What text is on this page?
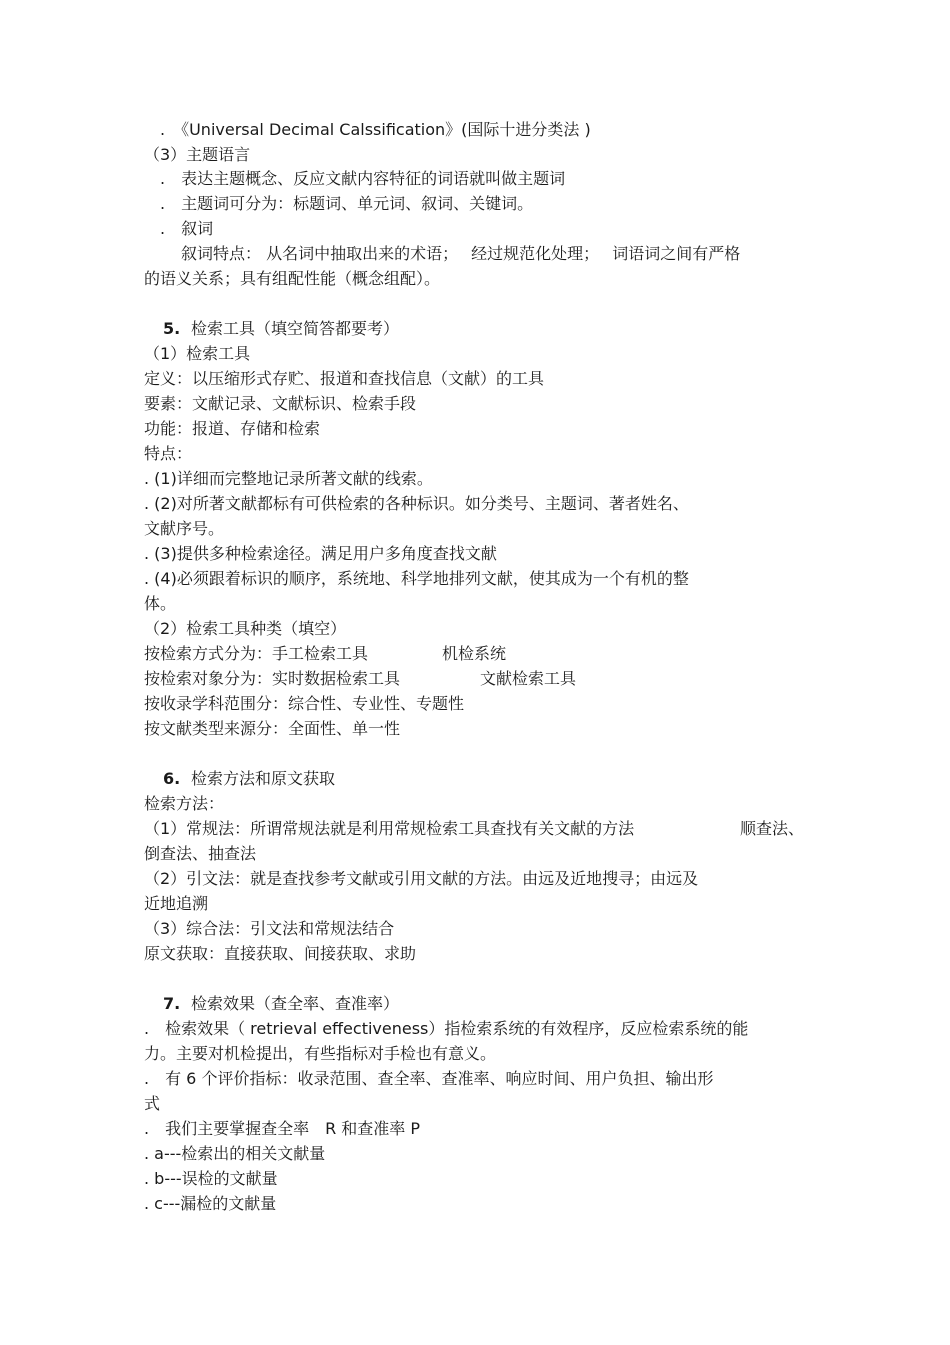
.　《Universal Decimal Calssification》(国际十进分类法 )
（3）主题语言
.　表达主题概念、反应文献内容特征的词语就叫做主题词
.　主题词可分为：标题词、单元词、叙词、关键词。
.　叙词
叙词特点： 从名词中抽取出来的术语；　 经过规范化处理；　 词语词之间有严格
的语义关系；具有组配性能（概念组配）。
5. 检索工具（填空简答都要考）
（1）检索工具
定义：以压缩形式存贮、报道和查找信息（文献）的工具
要素：文献记录、文献标识、检索手段
功能：报道、存储和检索
特点：
. (1)详细而完整地记录所著文献的线索。
. (2)对所著文献都标有可供检索的各种标识。如分类号、主题词、著者姓名、
文献序号。
. (3)提供多种检索途径。满足用户多角度查找文献
. (4)必须跟着标识的顺序，系统地、科学地排列文献，使其成为一个有机的整
体。
（2）检索工具种类（填空）
按检索方式分为：手工检索工具	机检系统
按检索对象分为：实时数据检索工具	文献检索工具
按收录学科范围分：综合性、专业性、专题性
按文献类型来源分：全面性、单一性
6. 检索方法和原文获取
检索方法：
（1）常规法：所谓常规法就是利用常规检索工具查找有关文献的方法	顺查法、
倒查法、抽查法
（2）引文法：就是查找参考文献或引用文献的方法。由远及近地搜寻；由远及
近地追溯
（3）综合法：引文法和常规法结合
原文获取：直接获取、间接获取、求助
7. 检索效果（查全率、查准率）
.　检索效果（ retrieval effectiveness）指检索系统的有效程序，反应检索系统的能
力。主要对机检提出，有些指标对手检也有意义。
.　有 6 个评价指标：收录范围、查全率、查准率、响应时间、用户负担、输出形
式
.　我们主要掌握查全率　R 和查准率 P
. a---检索出的相关文献量
. b---误检的文献量
. c---漏检的文献量
